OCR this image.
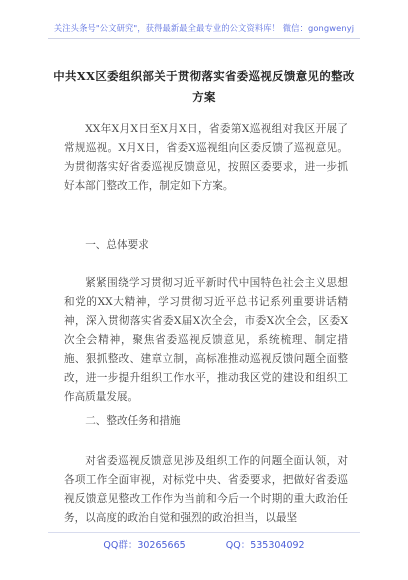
关注头条号"公文研究"，获得最新最全最专业的公文资料库！ 微信：gongwenyj
中共XX区委组织部关于贯彻落实省委巡视反馈意见的整改方案

XX年X月X日至X月X日，省委第X巡视组对我区开展了常规巡视。X月X日，省委X巡视组向区委反馈了巡视意见。为贯彻落实好省委巡视反馈意见，按照区委要求，进一步抓好本部门整改工作，制定如下方案。

一、总体要求

紧紧围绕学习贯彻习近平新时代中国特色社会主义思想和党的XX大精神，学习贯彻习近平总书记系列重要讲话精神，深入贯彻落实省委X届X次全会，市委X次全会，区委X次全会精神，聚焦省委巡视反馈意见，系统梳理、制定措施、狠抓整改、建章立制，高标准推动巡视反馈问题全面整改，进一步提升组织工作水平，推动我区党的建设和组织工作高质量发展。

二、整改任务和措施

对省委巡视反馈意见涉及组织工作的问题全面认领，对各项工作全面审视，对标党中央、省委要求，把做好省委巡视反馈意见整改工作作为当前和今后一个时期的重大政治任务，以高度的政治自觉和强烈的政治担当，以最坚

QQ群：30265665	QQ：535304092
